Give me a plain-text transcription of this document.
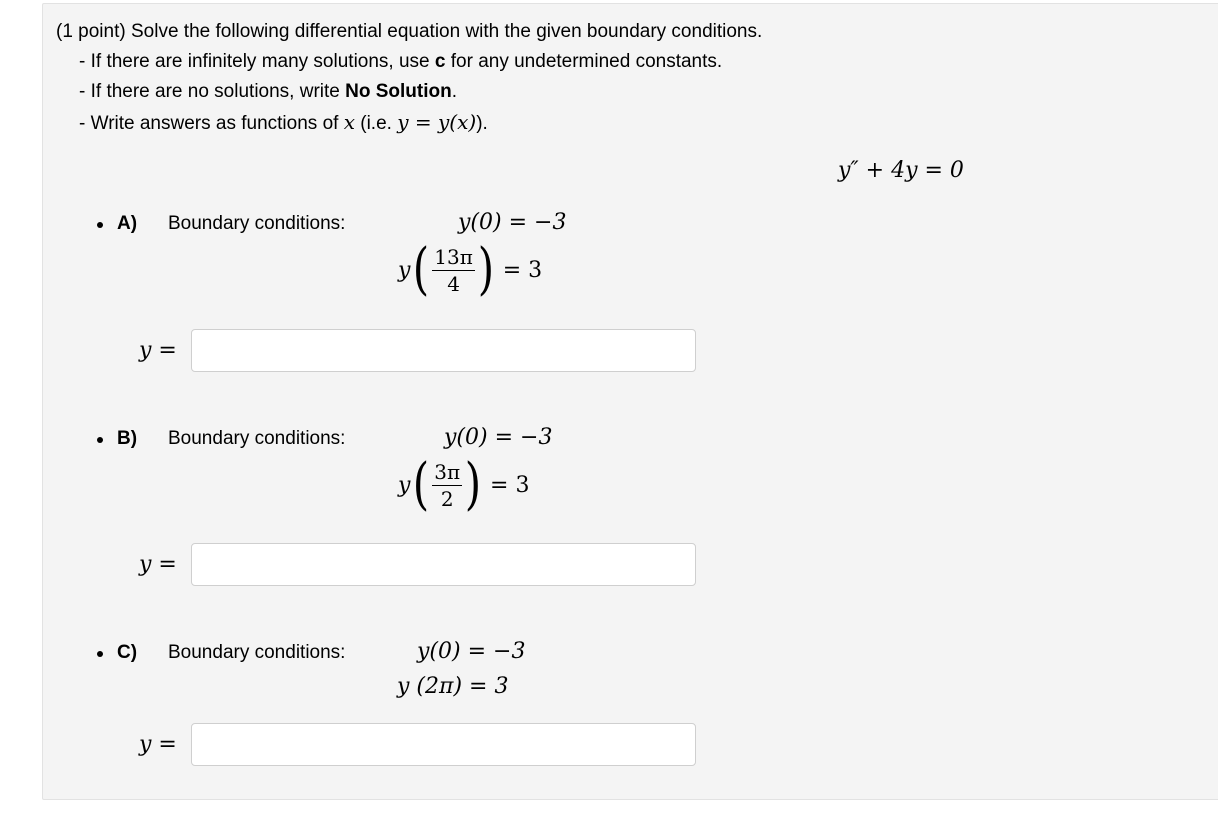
(1 point) Solve the following differential equation with the given boundary conditions.
- If there are infinitely many solutions, use c for any undetermined constants.
- If there are no solutions, write No Solution.
- Write answers as functions of x (i.e. y = y(x)).
y″ + 4y = 0
A) Boundary conditions:	y(0) = −3
y ( $\frac{13\pi}{4}$ ) = 3
y =
B) Boundary conditions:	y(0) = −3
y ( $\frac{3\pi}{2}$ ) = 3
y =
C) Boundary conditions:	y(0) = −3
y (2π) = 3
y =
